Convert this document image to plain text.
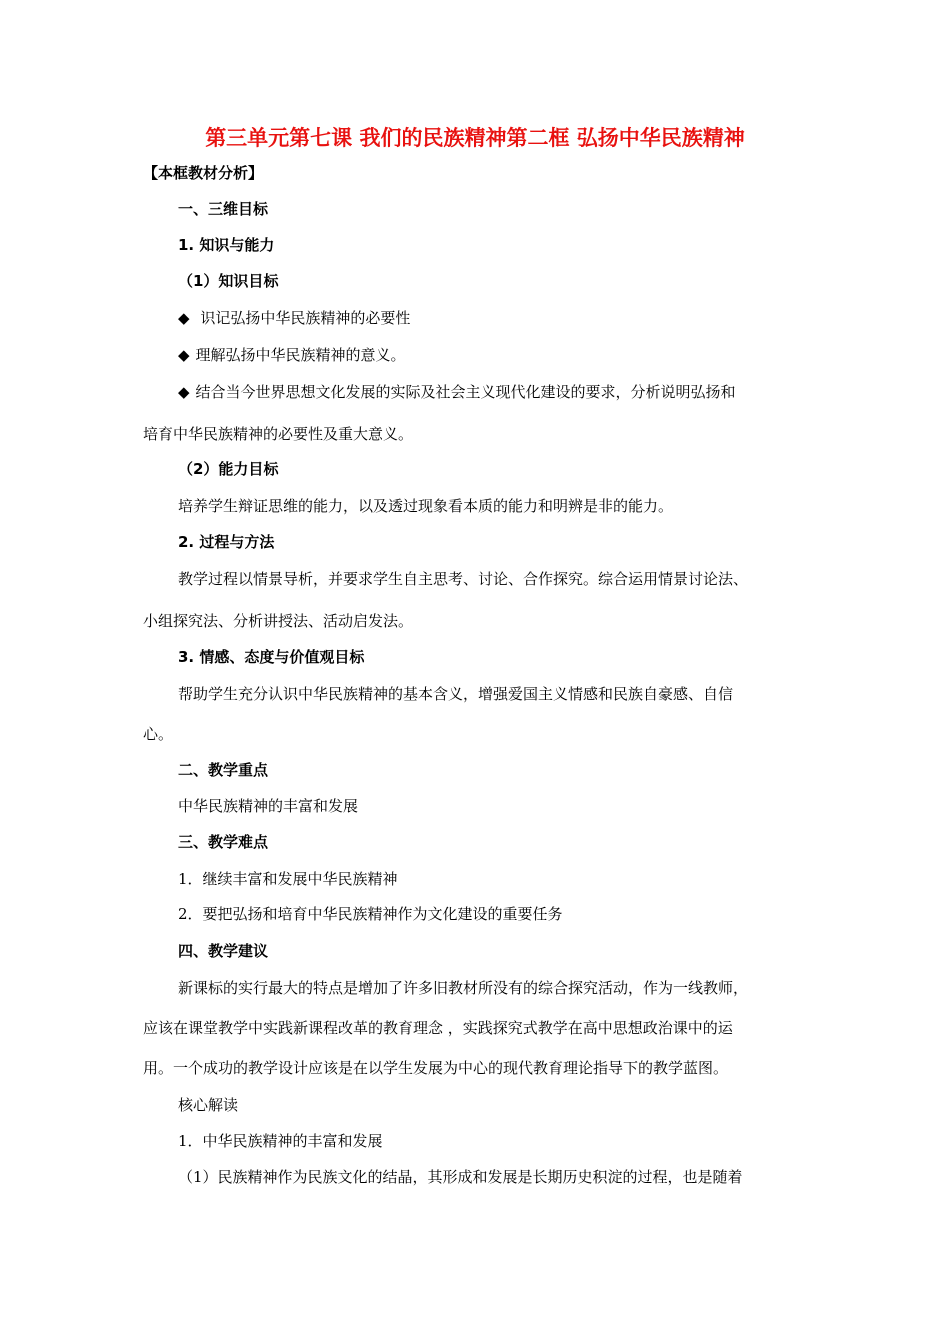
第三单元第七课 我们的民族精神第二框 弘扬中华民族精神
【本框教材分析】
一、三维目标
1. 知识与能力
（1）知识目标
◆ 识记弘扬中华民族精神的必要性
◆ 理解弘扬中华民族精神的意义。
◆ 结合当今世界思想文化发展的实际及社会主义现代化建设的要求，分析说明弘扬和
培育中华民族精神的必要性及重大意义。
（2）能力目标
培养学生辩证思维的能力，以及透过现象看本质的能力和明辨是非的能力。
2. 过程与方法
教学过程以情景导析，并要求学生自主思考、讨论、合作探究。综合运用情景讨论法、
小组探究法、分析讲授法、活动启发法。
3. 情感、态度与价值观目标
帮助学生充分认识中华民族精神的基本含义，增强爱国主义情感和民族自豪感、自信
心。
二、教学重点
中华民族精神的丰富和发展
三、教学难点
1．继续丰富和发展中华民族精神
2．要把弘扬和培育中华民族精神作为文化建设的重要任务
四、教学建议
新课标的实行最大的特点是增加了许多旧教材所没有的综合探究活动，作为一线教师，
应该在课堂教学中实践新课程改革的教育理念 ，实践探究式教学在高中思想政治课中的运
用。一个成功的教学设计应该是在以学生发展为中心的现代教育理论指导下的教学蓝图。
核心解读
1．中华民族精神的丰富和发展
（1）民族精神作为民族文化的结晶，其形成和发展是长期历史积淀的过程，也是随着
